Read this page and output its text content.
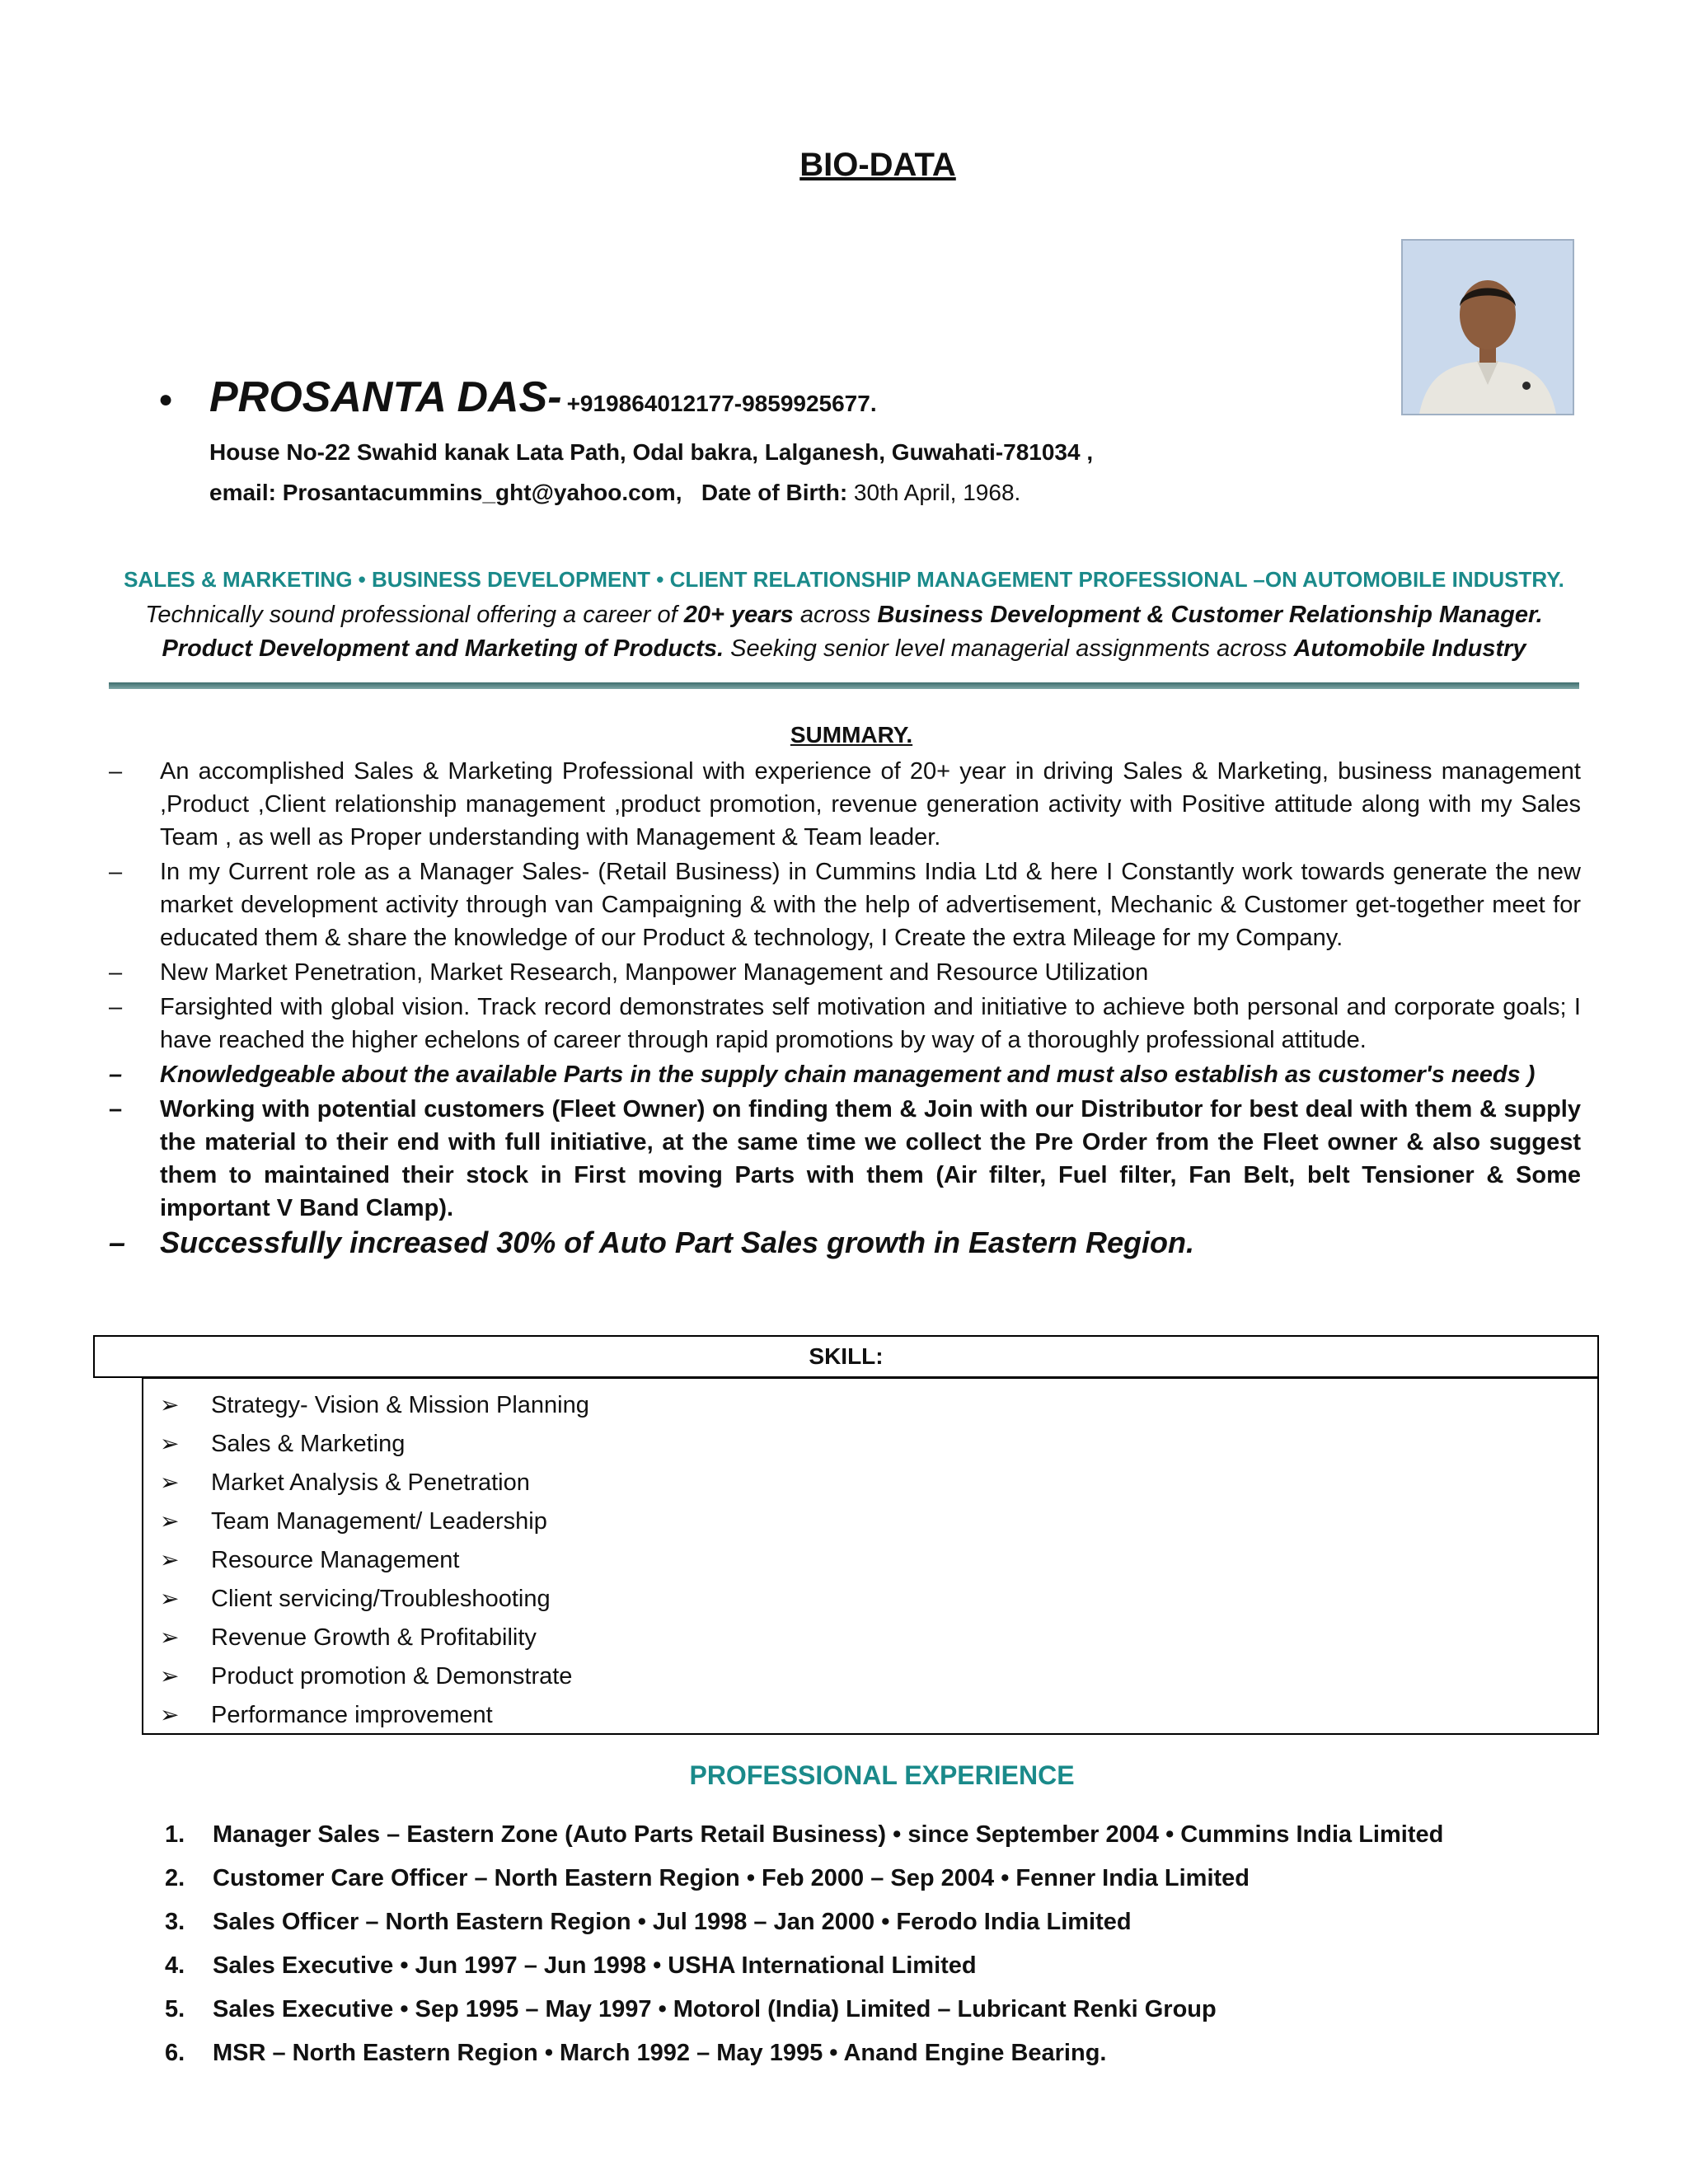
BIO-DATA
● PROSANTA DAS- +919864012177-9859925677.
House No-22 Swahid kanak Lata Path, Odal bakra, Lalganesh, Guwahati-781034 ,
email: Prosantacummins_ght@yahoo.com, Date of Birth: 30th April, 1968.
SALES & MARKETING • BUSINESS DEVELOPMENT • CLIENT RELATIONSHIP MANAGEMENT PROFESSIONAL –ON AUTOMOBILE INDUSTRY.
Technically sound professional offering a career of 20+ years across Business Development & Customer Relationship Manager.
Product Development and Marketing of Products. Seeking senior level managerial assignments across Automobile Industry
SUMMARY.
– An accomplished Sales & Marketing Professional with experience of 20+ year in driving Sales & Marketing, business management ,Product ,Client relationship management ,product promotion, revenue generation activity with Positive attitude along with my Sales Team , as well as Proper understanding with Management & Team leader.
– In my Current role as a Manager Sales- (Retail Business) in Cummins India Ltd & here I Constantly work towards generate the new market development activity through van Campaigning & with the help of advertisement, Mechanic & Customer get-together meet for educated them & share the knowledge of our Product & technology, I Create the extra Mileage for my Company.
– New Market Penetration, Market Research, Manpower Management and Resource Utilization
– Farsighted with global vision. Track record demonstrates self motivation and initiative to achieve both personal and corporate goals; I have reached the higher echelons of career through rapid promotions by way of a thoroughly professional attitude.
– Knowledgeable about the available Parts in the supply chain management and must also establish as customer's needs )
– Working with potential customers (Fleet Owner) on finding them & Join with our Distributor for best deal with them & supply the material to their end with full initiative, at the same time we collect the Pre Order from the Fleet owner & also suggest them to maintained their stock in First moving Parts with them (Air filter, Fuel filter, Fan Belt, belt Tensioner & Some important V Band Clamp).
– Successfully increased 30% of Auto Part Sales growth in Eastern Region.
SKILL:
➢ Strategy- Vision & Mission Planning
➢ Sales & Marketing
➢ Market Analysis & Penetration
➢ Team Management/ Leadership
➢ Resource Management
➢ Client servicing/Troubleshooting
➢ Revenue Growth & Profitability
➢ Product promotion & Demonstrate
➢ Performance improvement
PROFESSIONAL EXPERIENCE
1. Manager Sales – Eastern Zone (Auto Parts Retail Business) • since September 2004 • Cummins India Limited
2. Customer Care Officer – North Eastern Region • Feb 2000 – Sep 2004 • Fenner India Limited
3. Sales Officer – North Eastern Region • Jul 1998 – Jan 2000 • Ferodo India Limited
4. Sales Executive • Jun 1997 – Jun 1998 • USHA International Limited
5. Sales Executive • Sep 1995 – May 1997 • Motorol (India) Limited – Lubricant Renki Group
6. MSR – North Eastern Region • March 1992 – May 1995 • Anand Engine Bearing.
